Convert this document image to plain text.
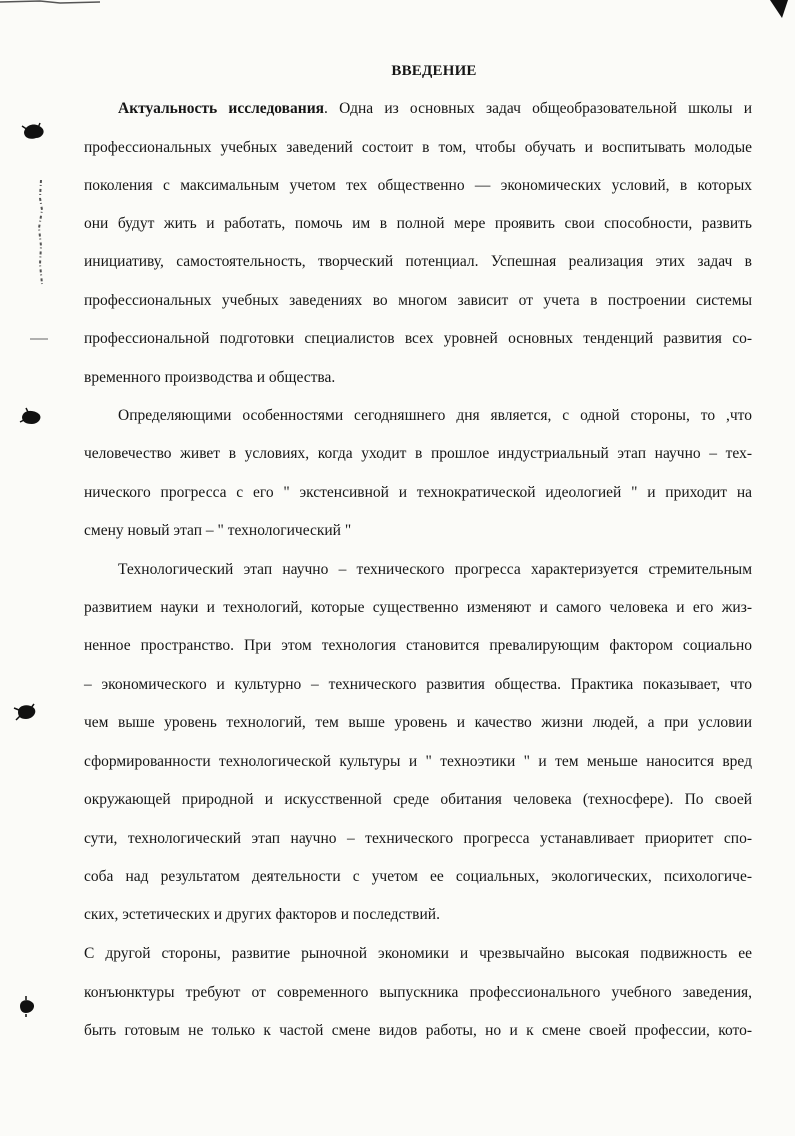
ВВЕДЕНИЕ
Актуальность исследования. Одна из основных задач общеобразовательной школы и
профессиональных учебных заведений состоит в том, чтобы обучать и воспитывать молодые
поколения с максимальным учетом тех общественно — экономических условий, в которых
они будут жить и работать, помочь им в полной мере проявить свои способности, развить
инициативу, самостоятельность, творческий потенциал. Успешная реализация этих задач в
профессиональных учебных заведениях во многом зависит от учета в построении системы
профессиональной подготовки специалистов всех уровней основных тенденций развития со-
временного производства и общества.
Определяющими особенностями сегодняшнего дня является, с одной стороны, то ,что
человечество живет в условиях, когда уходит в прошлое индустриальный этап научно – тех-
нического прогресса с его " экстенсивной и технократической идеологией " и приходит на
смену новый этап – " технологический "
Технологический этап научно – технического прогресса характеризуется стремительным
развитием науки и технологий, которые существенно изменяют и самого человека и его жиз-
ненное пространство. При этом технология становится превалирующим фактором социально
– экономического и культурно – технического развития общества. Практика показывает, что
чем выше уровень технологий, тем выше уровень и качество жизни людей, а при условии
сформированности технологической культуры и " техноэтики " и тем меньше наносится вред
окружающей природной и искусственной среде обитания человека (техносфере). По своей
сути, технологический этап научно – технического прогресса устанавливает приоритет спо-
соба над результатом деятельности с учетом ее социальных, экологических, психологиче-
ских, эстетических и других факторов и последствий.
С другой стороны, развитие рыночной экономики и чрезвычайно высокая подвижность ее
конъюнктуры требуют от современного выпускника профессионального учебного заведения,
быть готовым не только к частой смене видов работы, но и к смене своей профессии, кото-
